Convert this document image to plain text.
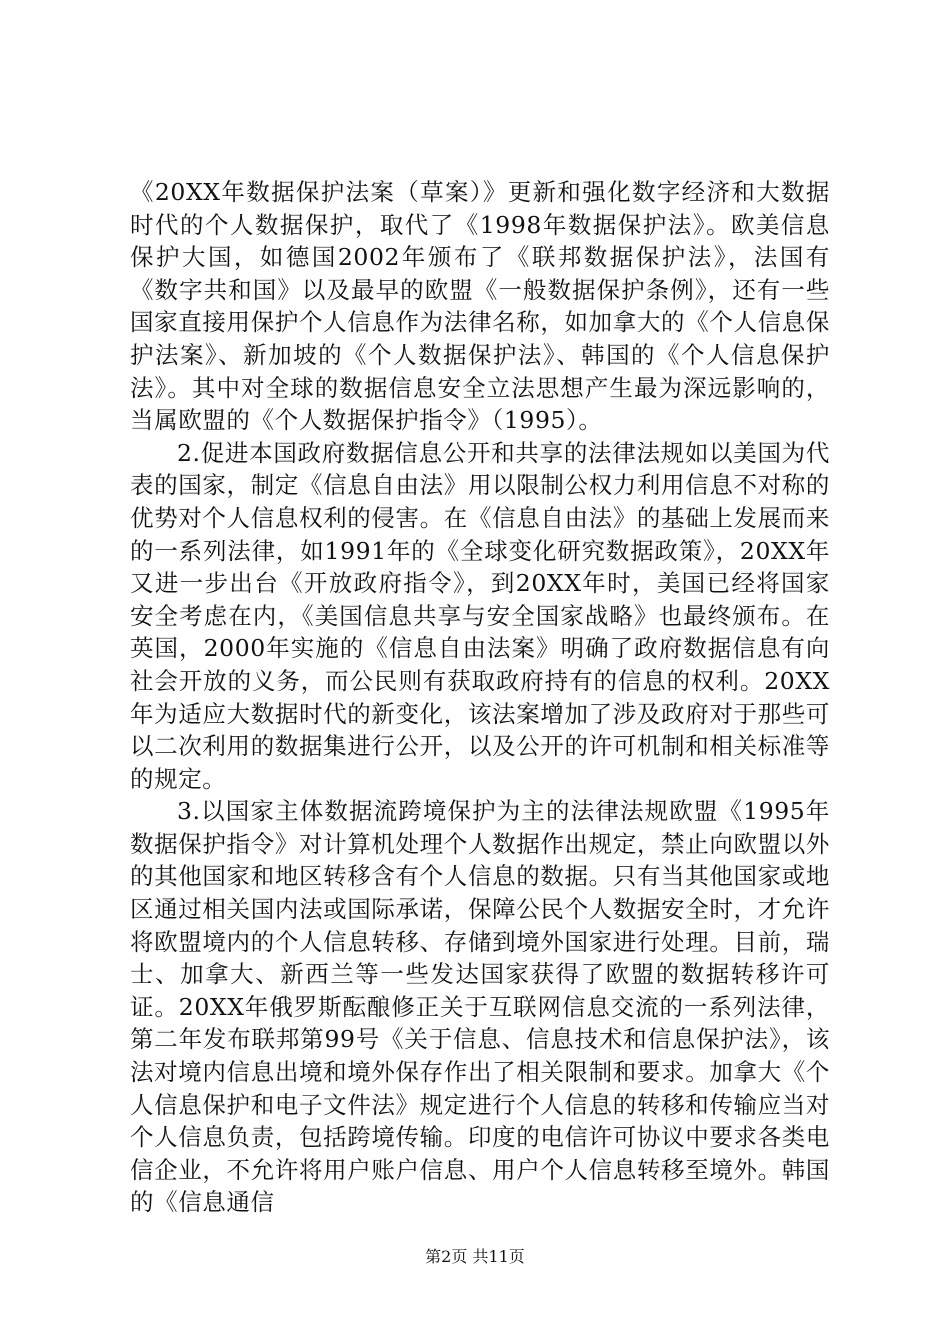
《20XX年数据保护法案（草案）》更新和强化数字经济和大数据时代的个人数据保护，取代了《1998年数据保护法》。欧美信息保护大国，如德国2002年颁布了《联邦数据保护法》，法国有《数字共和国》以及最早的欧盟《一般数据保护条例》，还有一些国家直接用保护个人信息作为法律名称，如加拿大的《个人信息保护法案》、新加坡的《个人数据保护法》、韩国的《个人信息保护法》。其中对全球的数据信息安全立法思想产生最为深远影响的，当属欧盟的《个人数据保护指令》（1995）。

2.促进本国政府数据信息公开和共享的法律法规如以美国为代表的国家，制定《信息自由法》用以限制公权力利用信息不对称的优势对个人信息权利的侵害。在《信息自由法》的基础上发展而来的一系列法律，如1991年的《全球变化研究数据政策》，20XX年又进一步出台《开放政府指令》，到20XX年时，美国已经将国家安全考虑在内，《美国信息共享与安全国家战略》也最终颁布。在英国，2000年实施的《信息自由法案》明确了政府数据信息有向社会开放的义务，而公民则有获取政府持有的信息的权利。20XX年为适应大数据时代的新变化，该法案增加了涉及政府对于那些可以二次利用的数据集进行公开，以及公开的许可机制和相关标准等的规定。

3.以国家主体数据流跨境保护为主的法律法规欧盟《1995年数据保护指令》对计算机处理个人数据作出规定，禁止向欧盟以外的其他国家和地区转移含有个人信息的数据。只有当其他国家或地区通过相关国内法或国际承诺，保障公民个人数据安全时，才允许将欧盟境内的个人信息转移、存储到境外国家进行处理。目前，瑞士、加拿大、新西兰等一些发达国家获得了欧盟的数据转移许可证。20XX年俄罗斯酝酿修正关于互联网信息交流的一系列法律，第二年发布联邦第99号《关于信息、信息技术和信息保护法》，该法对境内信息出境和境外保存作出了相关限制和要求。加拿大《个人信息保护和电子文件法》规定进行个人信息的转移和传输应当对个人信息负责，包括跨境传输。印度的电信许可协议中要求各类电信企业，不允许将用户账户信息、用户个人信息转移至境外。韩国的《信息通信

第2页 共11页
